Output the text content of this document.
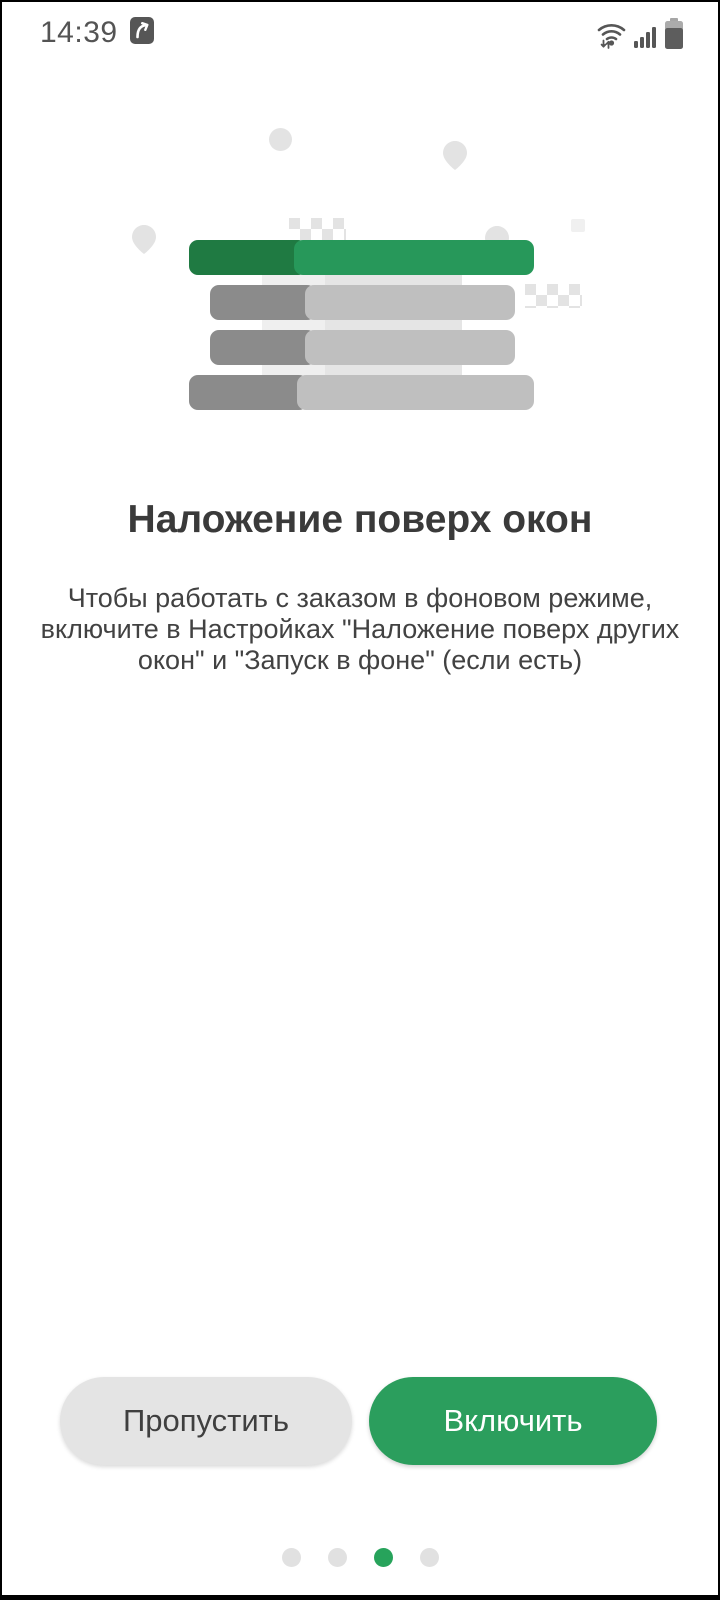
14:39
Наложение поверх окон
Чтобы работать с заказом в фоновом режиме,
включите в Настройках "Наложение поверх других
окон" и "Запуск в фоне" (если есть)
Пропустить	Включить
